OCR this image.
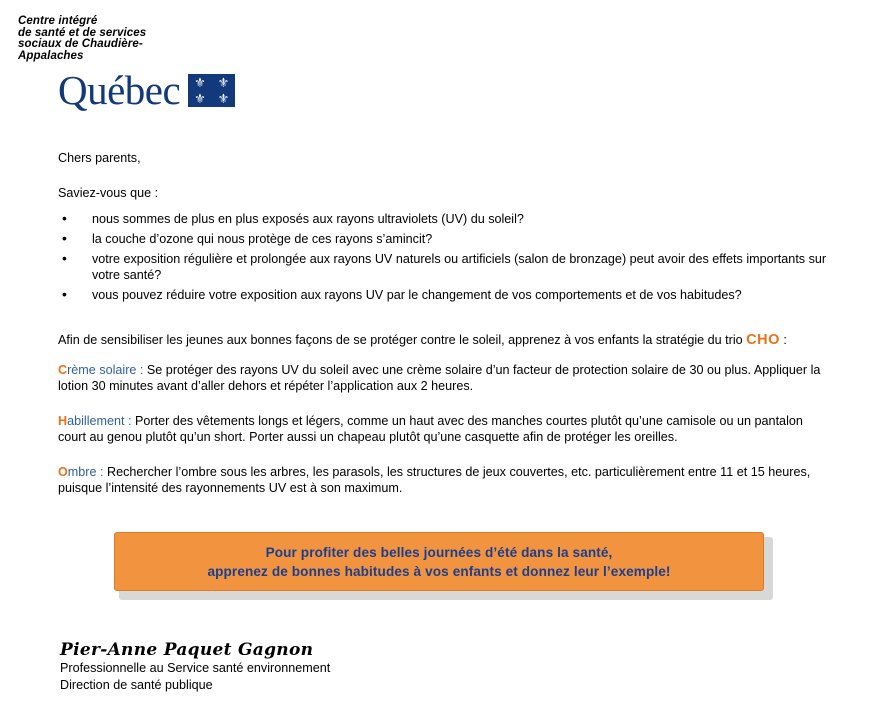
Centre intégré
de santé et de services
sociaux de Chaudière-
Appalaches
Québec	⚜ ⚜
⚜ ⚜

Chers parents,

Saviez-vous que :

• nous sommes de plus en plus exposés aux rayons ultraviolets (UV) du soleil?
• la couche d’ozone qui nous protège de ces rayons s’amincit?
• votre exposition régulière et prolongée aux rayons UV naturels ou artificiels (salon de bronzage) peut avoir des effets importants sur votre santé?
• vous pouvez réduire votre exposition aux rayons UV par le changement de vos comportements et de vos habitudes?

Afin de sensibiliser les jeunes aux bonnes façons de se protéger contre le soleil, apprenez à vos enfants la stratégie du trio CHO :

Crème solaire : Se protéger des rayons UV du soleil avec une crème solaire d’un facteur de protection solaire de 30 ou plus. Appliquer la lotion 30 minutes avant d’aller dehors et répéter l’application aux 2 heures.

Habillement : Porter des vêtements longs et légers, comme un haut avec des manches courtes plutôt qu’une camisole ou un pantalon court au genou plutôt qu’un short. Porter aussi un chapeau plutôt qu’une casquette afin de protéger les oreilles.

Ombre : Rechercher l’ombre sous les arbres, les parasols, les structures de jeux couvertes, etc. particulièrement entre 11 et 15 heures, puisque l’intensité des rayonnements UV est à son maximum.

Pour profiter des belles journées d’été dans la santé,
apprenez de bonnes habitudes à vos enfants et donnez leur l’exemple!
Pier-Anne Paquet Gagnon
Professionnelle au Service santé environnement
Direction de santé publique
